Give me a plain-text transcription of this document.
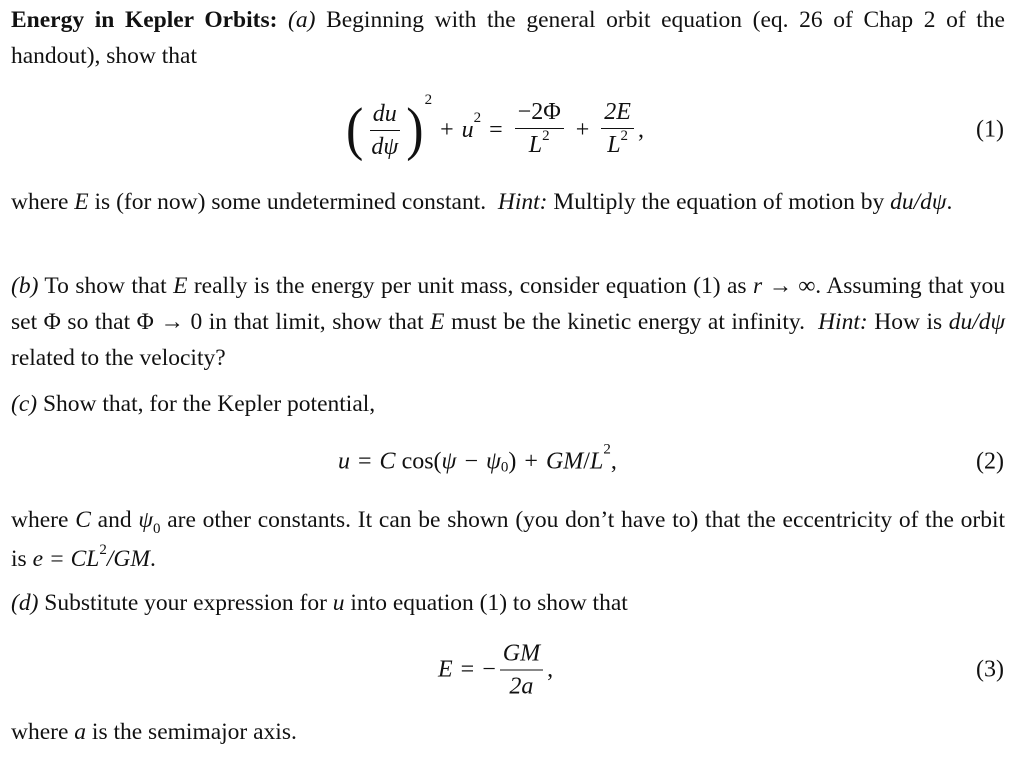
Energy in Kepler Orbits: (a) Beginning with the general orbit equation (eq. 26 of Chap 2 of the handout), show that
( $\frac{du}{d\psi}$ ) 2
+ u $2 = \frac{-2\Phi}{L^2} + \frac{2E}{L^2}$ ,	(1)
where E is (for now) some undetermined constant. Hint: Multiply the equation of motion by du/dψ.
(b) To show that E really is the energy per unit mass, consider equation (1) as r → ∞. Assuming that you set Φ so that Φ → 0 in that limit, show that E must be the kinetic energy at infinity. Hint: How is du/dψ related to the velocity?
(c) Show that, for the Kepler potential,
u = C
cos( ψ − ψ 0 ) + GM / L 2 ,	(2)
where C and $\psi_0$ are other constants. It can be shown (you don’t have to) that the eccentricity of the orbit is $e = CL^2/GM$.
(d) Substitute your expression for u into equation (1) to show that
E = − $\frac{GM}{2a}$ ,	(3)
where a is the semimajor axis.
